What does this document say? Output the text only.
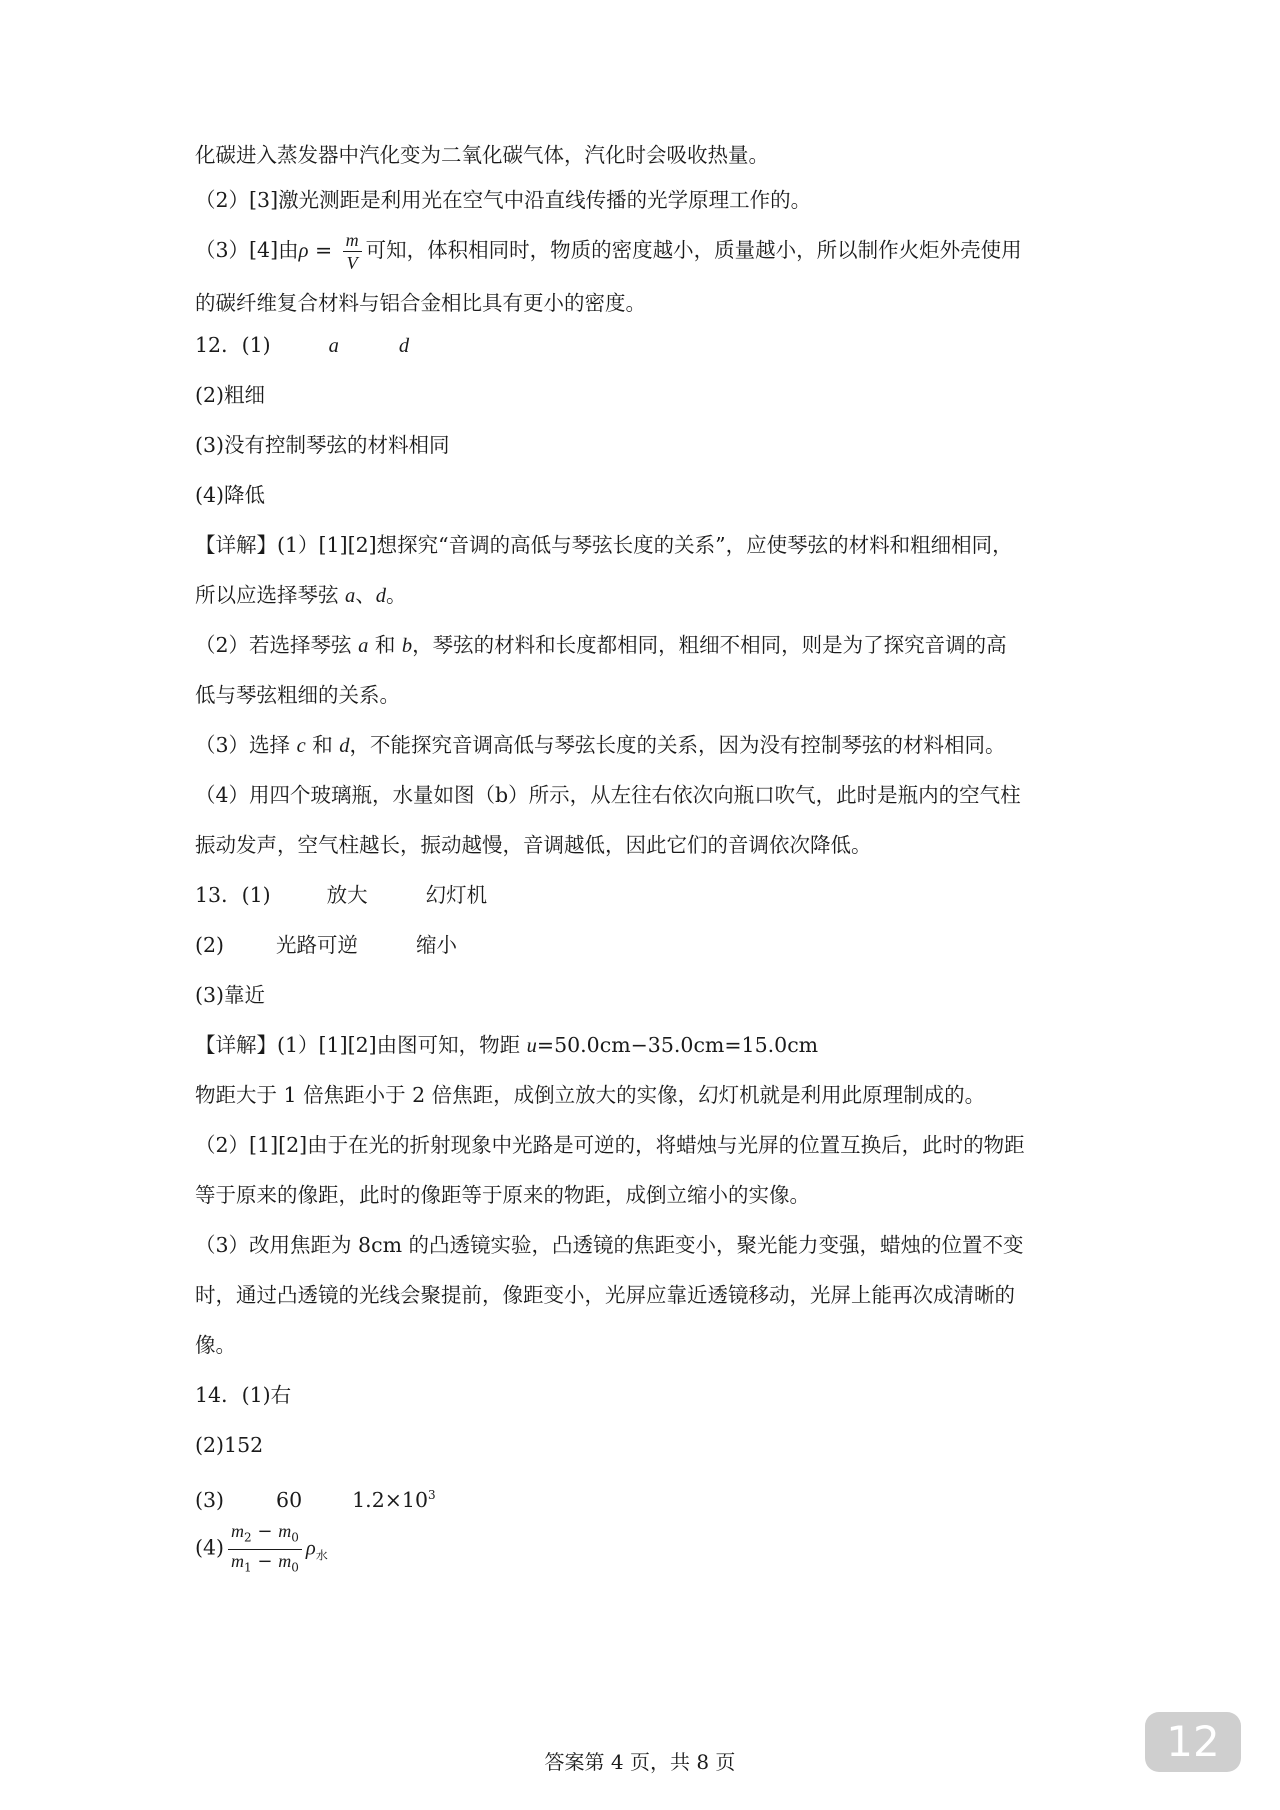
化碳进入蒸发器中汽化变为二氧化碳气体，汽化时会吸收热量。
（2）[3]激光测距是利用光在空气中沿直线传播的光学原理工作的。
（3）[4]由$\rho = \frac{m}{V}$ 可知，体积相同时，物质的密度越小，质量越小，所以制作火炬外壳使用
的碳纤维复合材料与铝合金相比具有更小的密度。
12．(1)	a	d
(2)粗细
(3)没有控制琴弦的材料相同
(4)降低
【详解】(1）[1][2]想探究“音调的高低与琴弦长度的关系”，应使琴弦的材料和粗细相同，
所以应选择琴弦 a、d。
（2）若选择琴弦 a 和 b，琴弦的材料和长度都相同，粗细不相同，则是为了探究音调的高
低与琴弦粗细的关系。
（3）选择 c 和 d，不能探究音调高低与琴弦长度的关系，因为没有控制琴弦的材料相同。
（4）用四个玻璃瓶，水量如图（b）所示，从左往右依次向瓶口吹气，此时是瓶内的空气柱
振动发声，空气柱越长，振动越慢，音调越低，因此它们的音调依次降低。
13．(1)	放大	幻灯机
(2)	光路可逆	缩小
(3)靠近
【详解】(1）[1][2]由图可知，物距 u=50.0cm−35.0cm=15.0cm
物距大于 1 倍焦距小于 2 倍焦距，成倒立放大的实像，幻灯机就是利用此原理制成的。
（2）[1][2]由于在光的折射现象中光路是可逆的，将蜡烛与光屏的位置互换后，此时的物距
等于原来的像距，此时的像距等于原来的物距，成倒立缩小的实像。
（3）改用焦距为 8cm 的凸透镜实验，凸透镜的焦距变小，聚光能力变强，蜡烛的位置不变
时，通过凸透镜的光线会聚提前，像距变小，光屏应靠近透镜移动，光屏上能再次成清晰的
像。
14．(1)右
(2)152
(3)	60 $1.2\times 10^3$
$(4) \frac{m_2 - m_0}{m_1 - m_0} \rho_水$
答案第 4 页，共 8 页	12
